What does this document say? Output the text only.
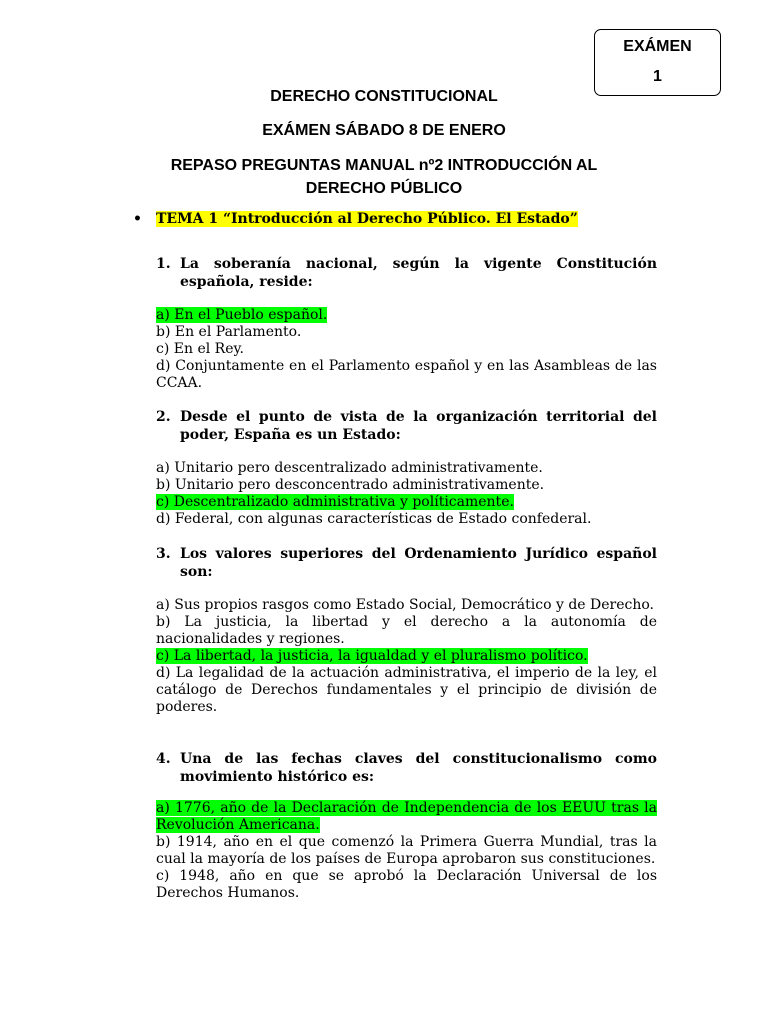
EXÁMEN
1
DERECHO CONSTITUCIONAL
EXÁMEN SÁBADO 8 DE ENERO
REPASO PREGUNTAS MANUAL nº2 INTRODUCCIÓN AL
DERECHO PÚBLICO
• TEMA 1 “Introducción al Derecho Público. El Estado”
1. La soberanía nacional, según la vigente Constitución española, reside:
a) En el Pueblo español.
b) En el Parlamento.
c) En el Rey.
d) Conjuntamente en el Parlamento español y en las Asambleas de las CCAA.
2. Desde el punto de vista de la organización territorial del poder, España es un Estado:
a) Unitario pero descentralizado administrativamente.
b) Unitario pero desconcentrado administrativamente.
c) Descentralizado administrativa y políticamente.
d) Federal, con algunas características de Estado confederal.
3. Los valores superiores del Ordenamiento Jurídico español son:
a) Sus propios rasgos como Estado Social, Democrático y de Derecho.
b) La justicia, la libertad y el derecho a la autonomía de nacionalidades y regiones.
c) La libertad, la justicia, la igualdad y el pluralismo político.
d) La legalidad de la actuación administrativa, el imperio de la ley, el catálogo de Derechos fundamentales y el principio de división de poderes.
4. Una de las fechas claves del constitucionalismo como movimiento histórico es:
a) 1776, año de la Declaración de Independencia de los EEUU tras la Revolución Americana.
b) 1914, año en el que comenzó la Primera Guerra Mundial, tras la cual la mayoría de los países de Europa aprobaron sus constituciones.
c) 1948, año en que se aprobó la Declaración Universal de los Derechos Humanos.
